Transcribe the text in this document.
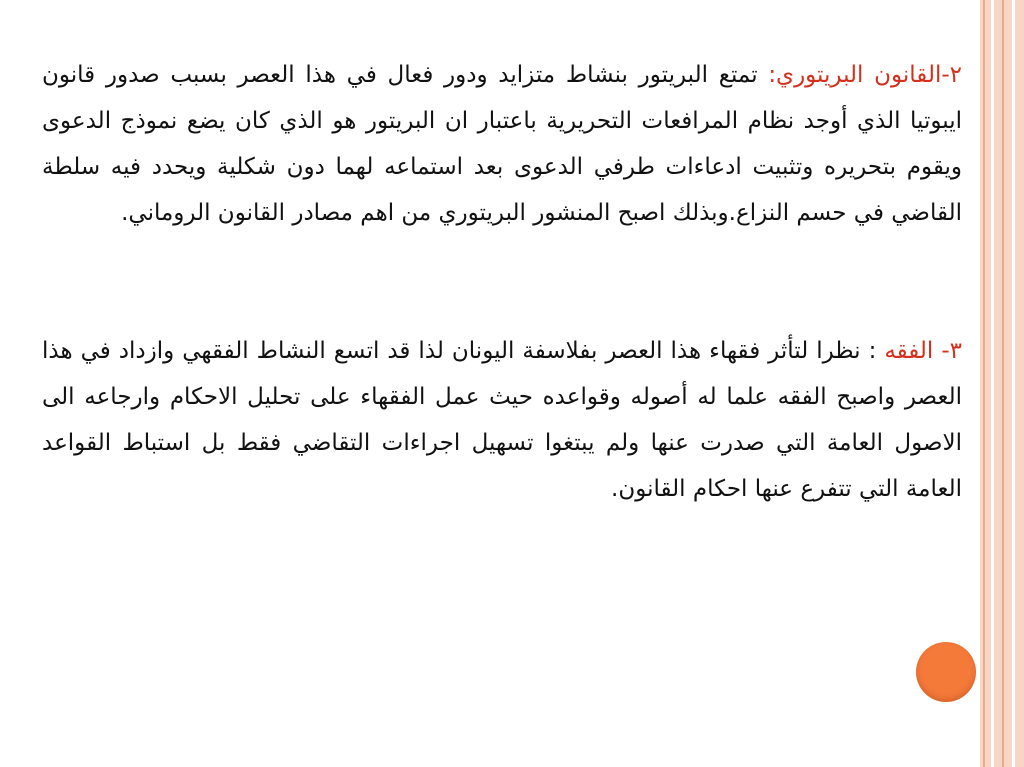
٢-القانون البريتوري: تمتع البريتور بنشاط متزايد ودور فعال في هذا العصر بسبب صدور قانون ايبوتيا الذي أوجد نظام المرافعات التحريرية باعتبار ان البريتور هو الذي كان يضع نموذج الدعوى ويقوم بتحريره وتثبيت ادعاءات طرفي الدعوى بعد استماعه لهما دون شكلية ويحدد فيه سلطة القاضي في حسم النزاع.وبذلك اصبح المنشور البريتوري من اهم مصادر القانون الروماني.
٣- الفقه : نظرا لتأثر فقهاء هذا العصر بفلاسفة اليونان لذا قد اتسع النشاط الفقهي وازداد في هذا العصر واصبح الفقه علما له أصوله وقواعده حيث عمل الفقهاء على تحليل الاحكام وارجاعه الى الاصول العامة التي صدرت عنها ولم يبتغوا تسهيل اجراءات التقاضي فقط بل استباط القواعد العامة التي تتفرع عنها احكام القانون.
